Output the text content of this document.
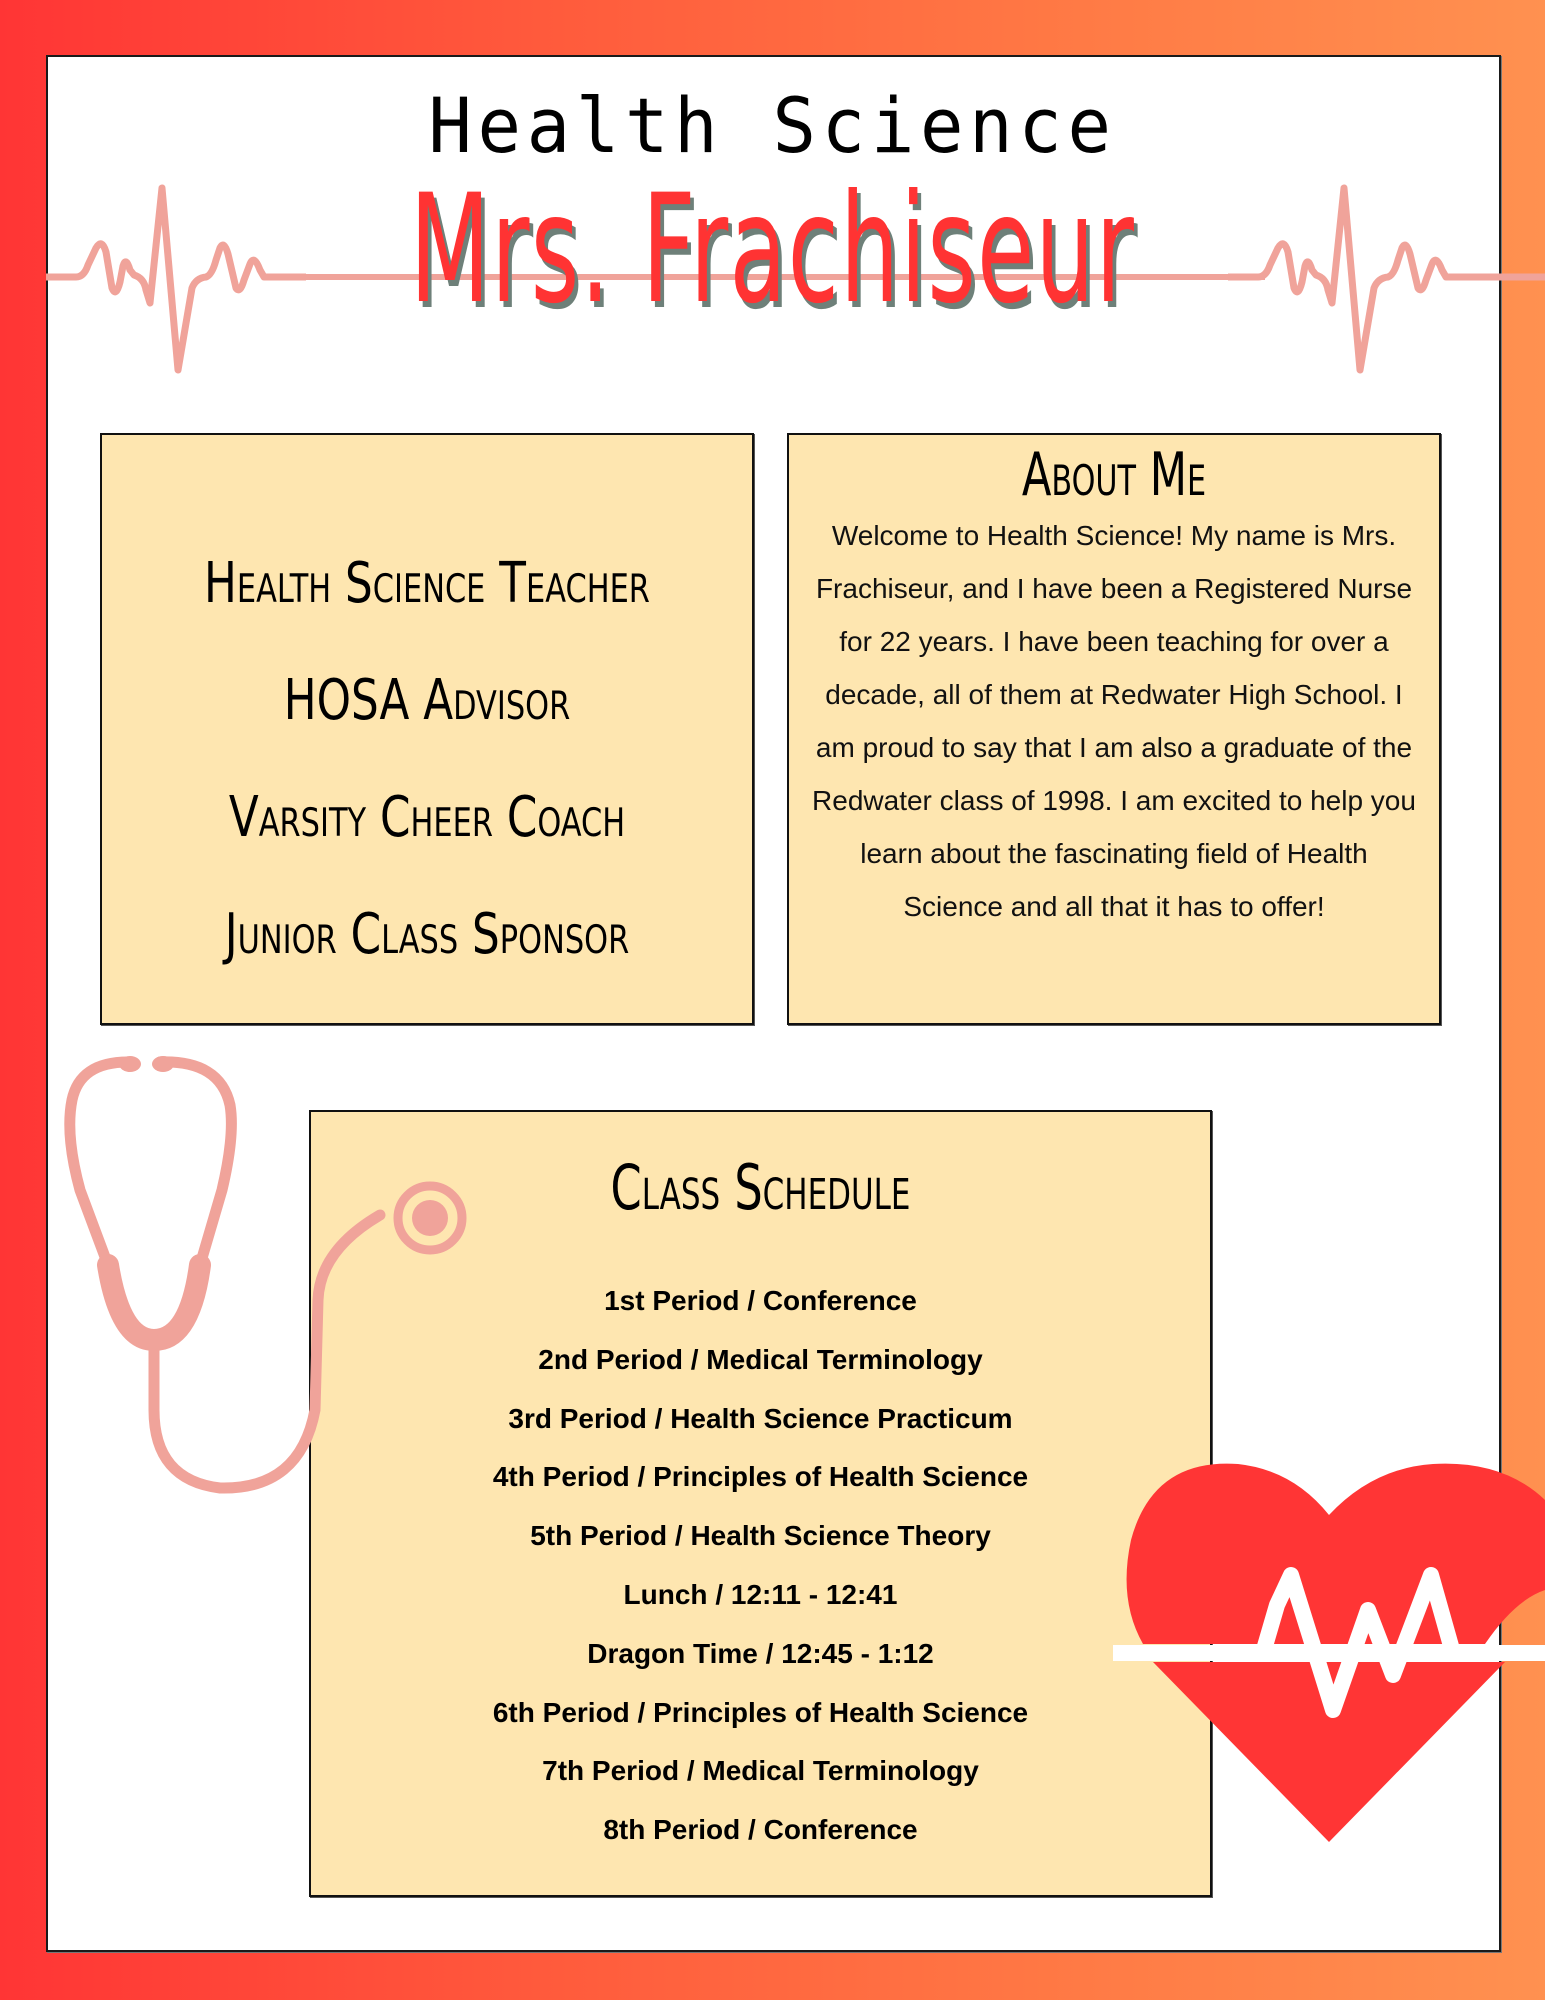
Health Science
Mrs. Frachiseur
Health Science Teacher
HOSA Advisor
Varsity Cheer Coach
Junior Class Sponsor
About Me

Welcome to Health Science! My name is Mrs. Frachiseur, and I have been a Registered Nurse for 22 years. I have been teaching for over a decade, all of them at Redwater High School. I am proud to say that I am also a graduate of the Redwater class of 1998. I am excited to help you learn about the fascinating field of Health Science and all that it has to offer!

Class Schedule
1st Period / Conference
2nd Period / Medical Terminology
3rd Period / Health Science Practicum
4th Period / Principles of Health Science
5th Period / Health Science Theory
Lunch / 12:11 - 12:41
Dragon Time / 12:45 - 1:12
6th Period / Principles of Health Science
7th Period / Medical Terminology
8th Period / Conference
